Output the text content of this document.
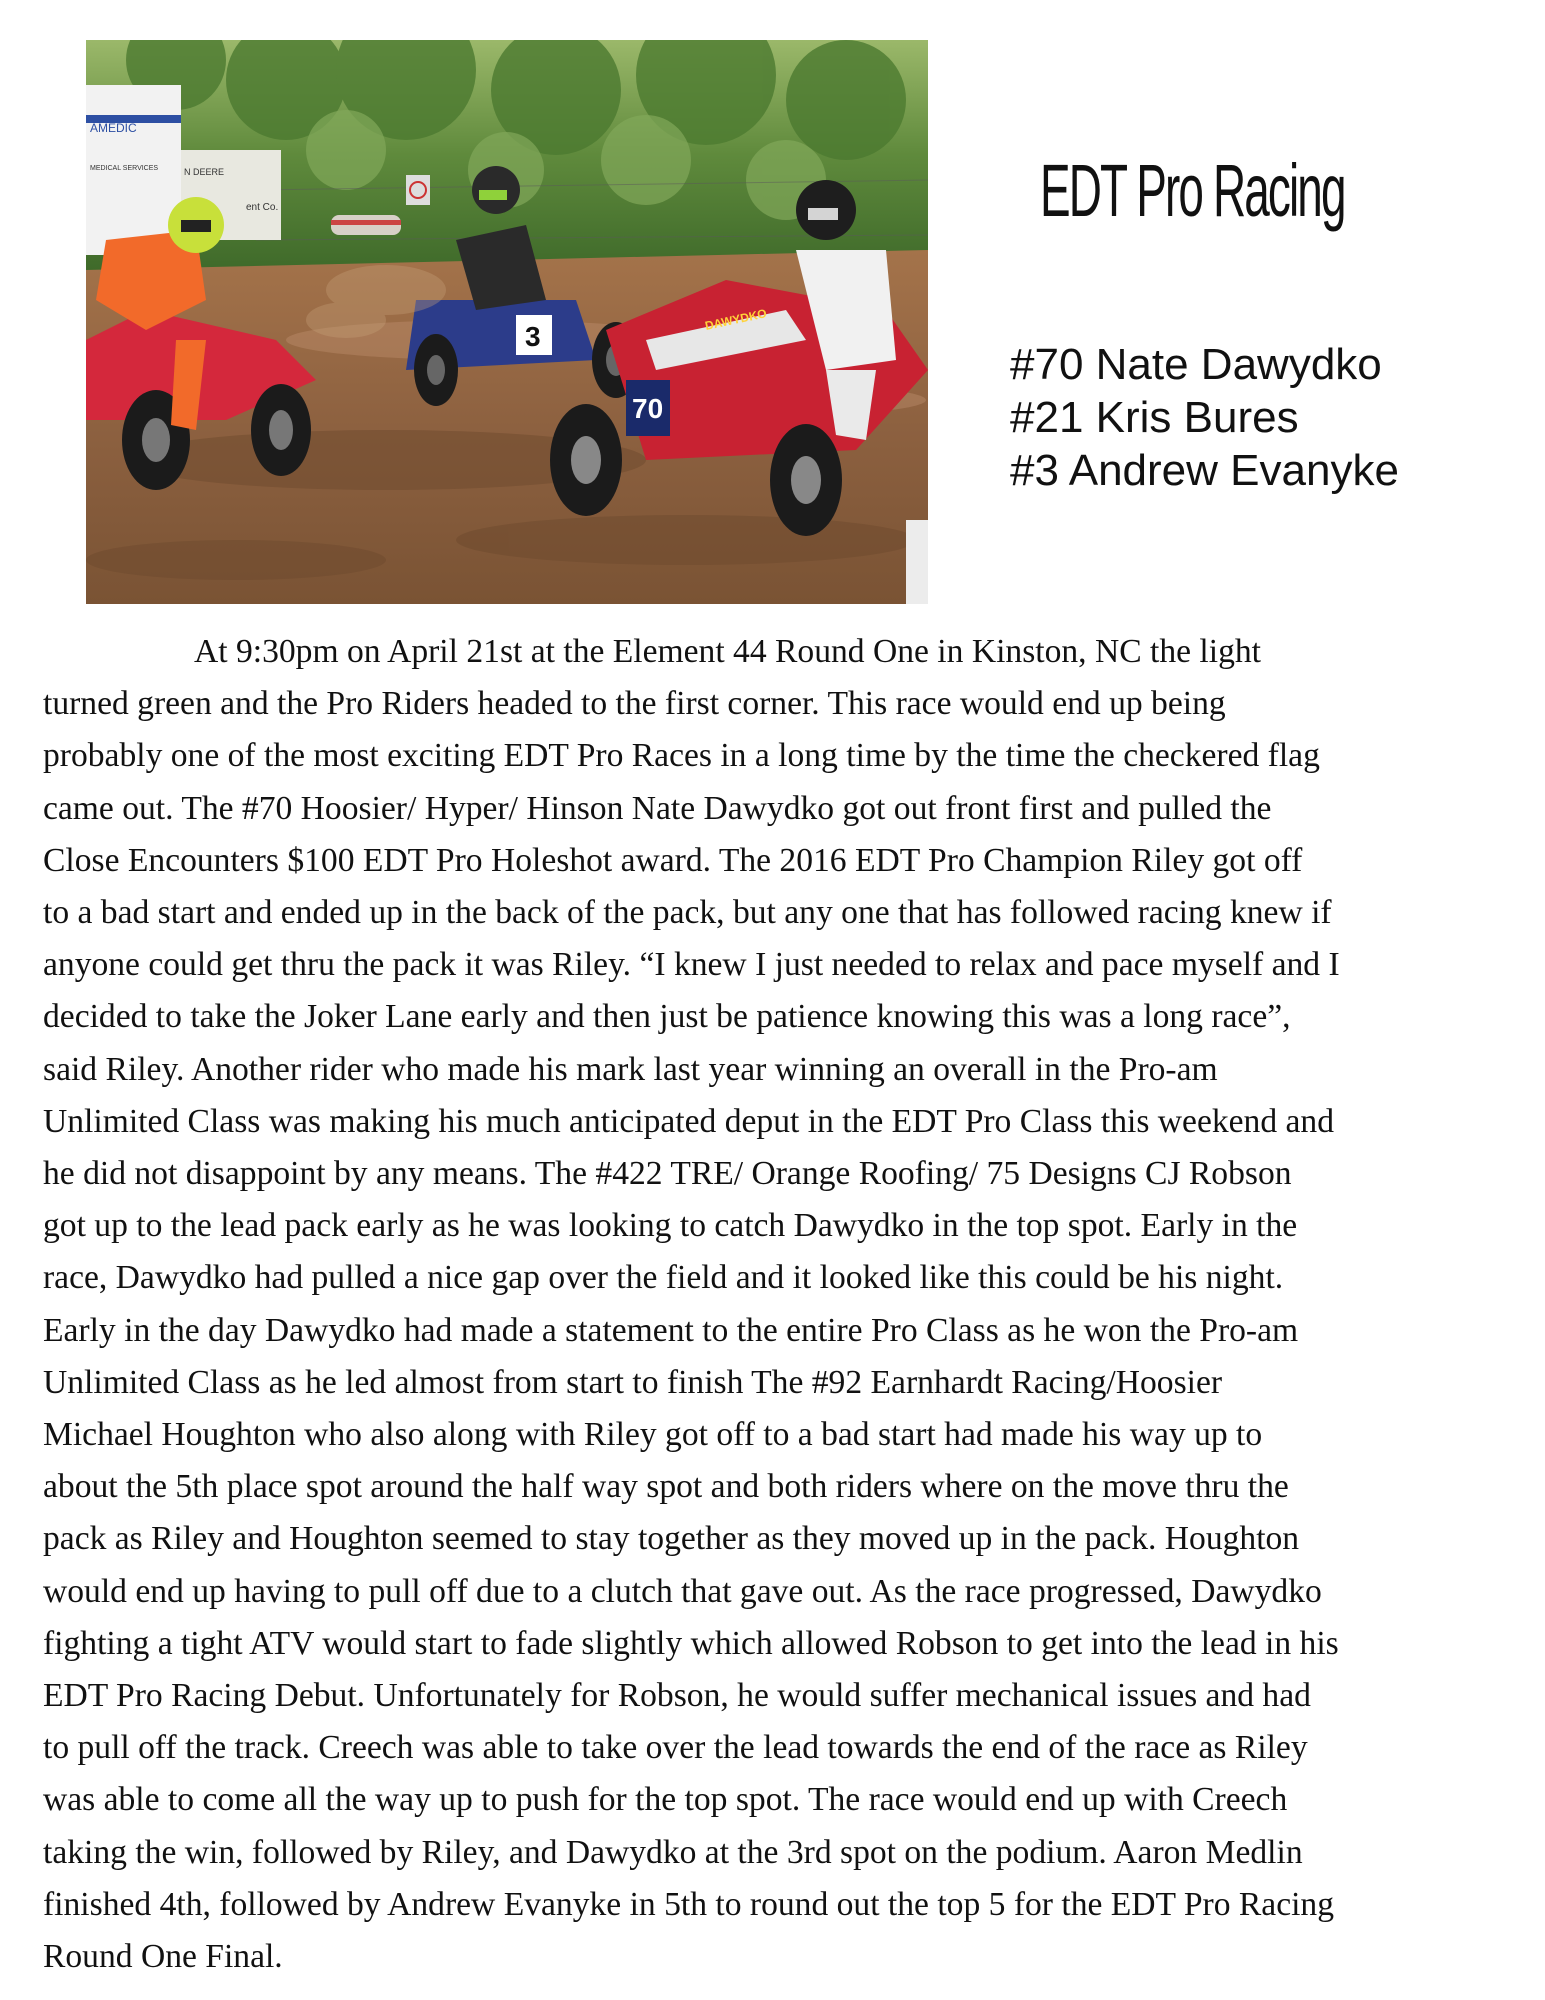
AMEDIC
MEDICAL SERVICES	N DEERE
ent Co.
3
DAWYDKO
70
EDT Pro Racing
#70 Nate Dawydko
#21 Kris Bures
#3 Andrew Evanyke

At 9:30pm on April 21st at the Element 44 Round One in Kinston, NC the light
turned green and the Pro Riders headed to the first corner. This race would end up being
probably one of the most exciting EDT Pro Races in a long time by the time the checkered flag
came out. The #70 Hoosier/ Hyper/ Hinson Nate Dawydko got out front first and pulled the
Close Encounters $100 EDT Pro Holeshot award. The 2016 EDT Pro Champion Riley got off
to a bad start and ended up in the back of the pack, but any one that has followed racing knew if
anyone could get thru the pack it was Riley. “I knew I just needed to relax and pace myself and I
decided to take the Joker Lane early and then just be patience knowing this was a long race”,
said Riley. Another rider who made his mark last year winning an overall in the Pro-am
Unlimited Class was making his much anticipated deput in the EDT Pro Class this weekend and
he did not disappoint by any means. The #422 TRE/ Orange Roofing/ 75 Designs CJ Robson
got up to the lead pack early as he was looking to catch Dawydko in the top spot. Early in the
race, Dawydko had pulled a nice gap over the field and it looked like this could be his night.
Early in the day Dawydko had made a statement to the entire Pro Class as he won the Pro-am
Unlimited Class as he led almost from start to finish The #92 Earnhardt Racing/Hoosier
Michael Houghton who also along with Riley got off to a bad start had made his way up to
about the 5th place spot around the half way spot and both riders where on the move thru the
pack as Riley and Houghton seemed to stay together as they moved up in the pack. Houghton
would end up having to pull off due to a clutch that gave out. As the race progressed, Dawydko
fighting a tight ATV would start to fade slightly which allowed Robson to get into the lead in his
EDT Pro Racing Debut. Unfortunately for Robson, he would suffer mechanical issues and had
to pull off the track. Creech was able to take over the lead towards the end of the race as Riley
was able to come all the way up to push for the top spot. The race would end up with Creech
taking the win, followed by Riley, and Dawydko at the 3rd spot on the podium. Aaron Medlin
finished 4th, followed by Andrew Evanyke in 5th to round out the top 5 for the EDT Pro Racing
Round One Final.
